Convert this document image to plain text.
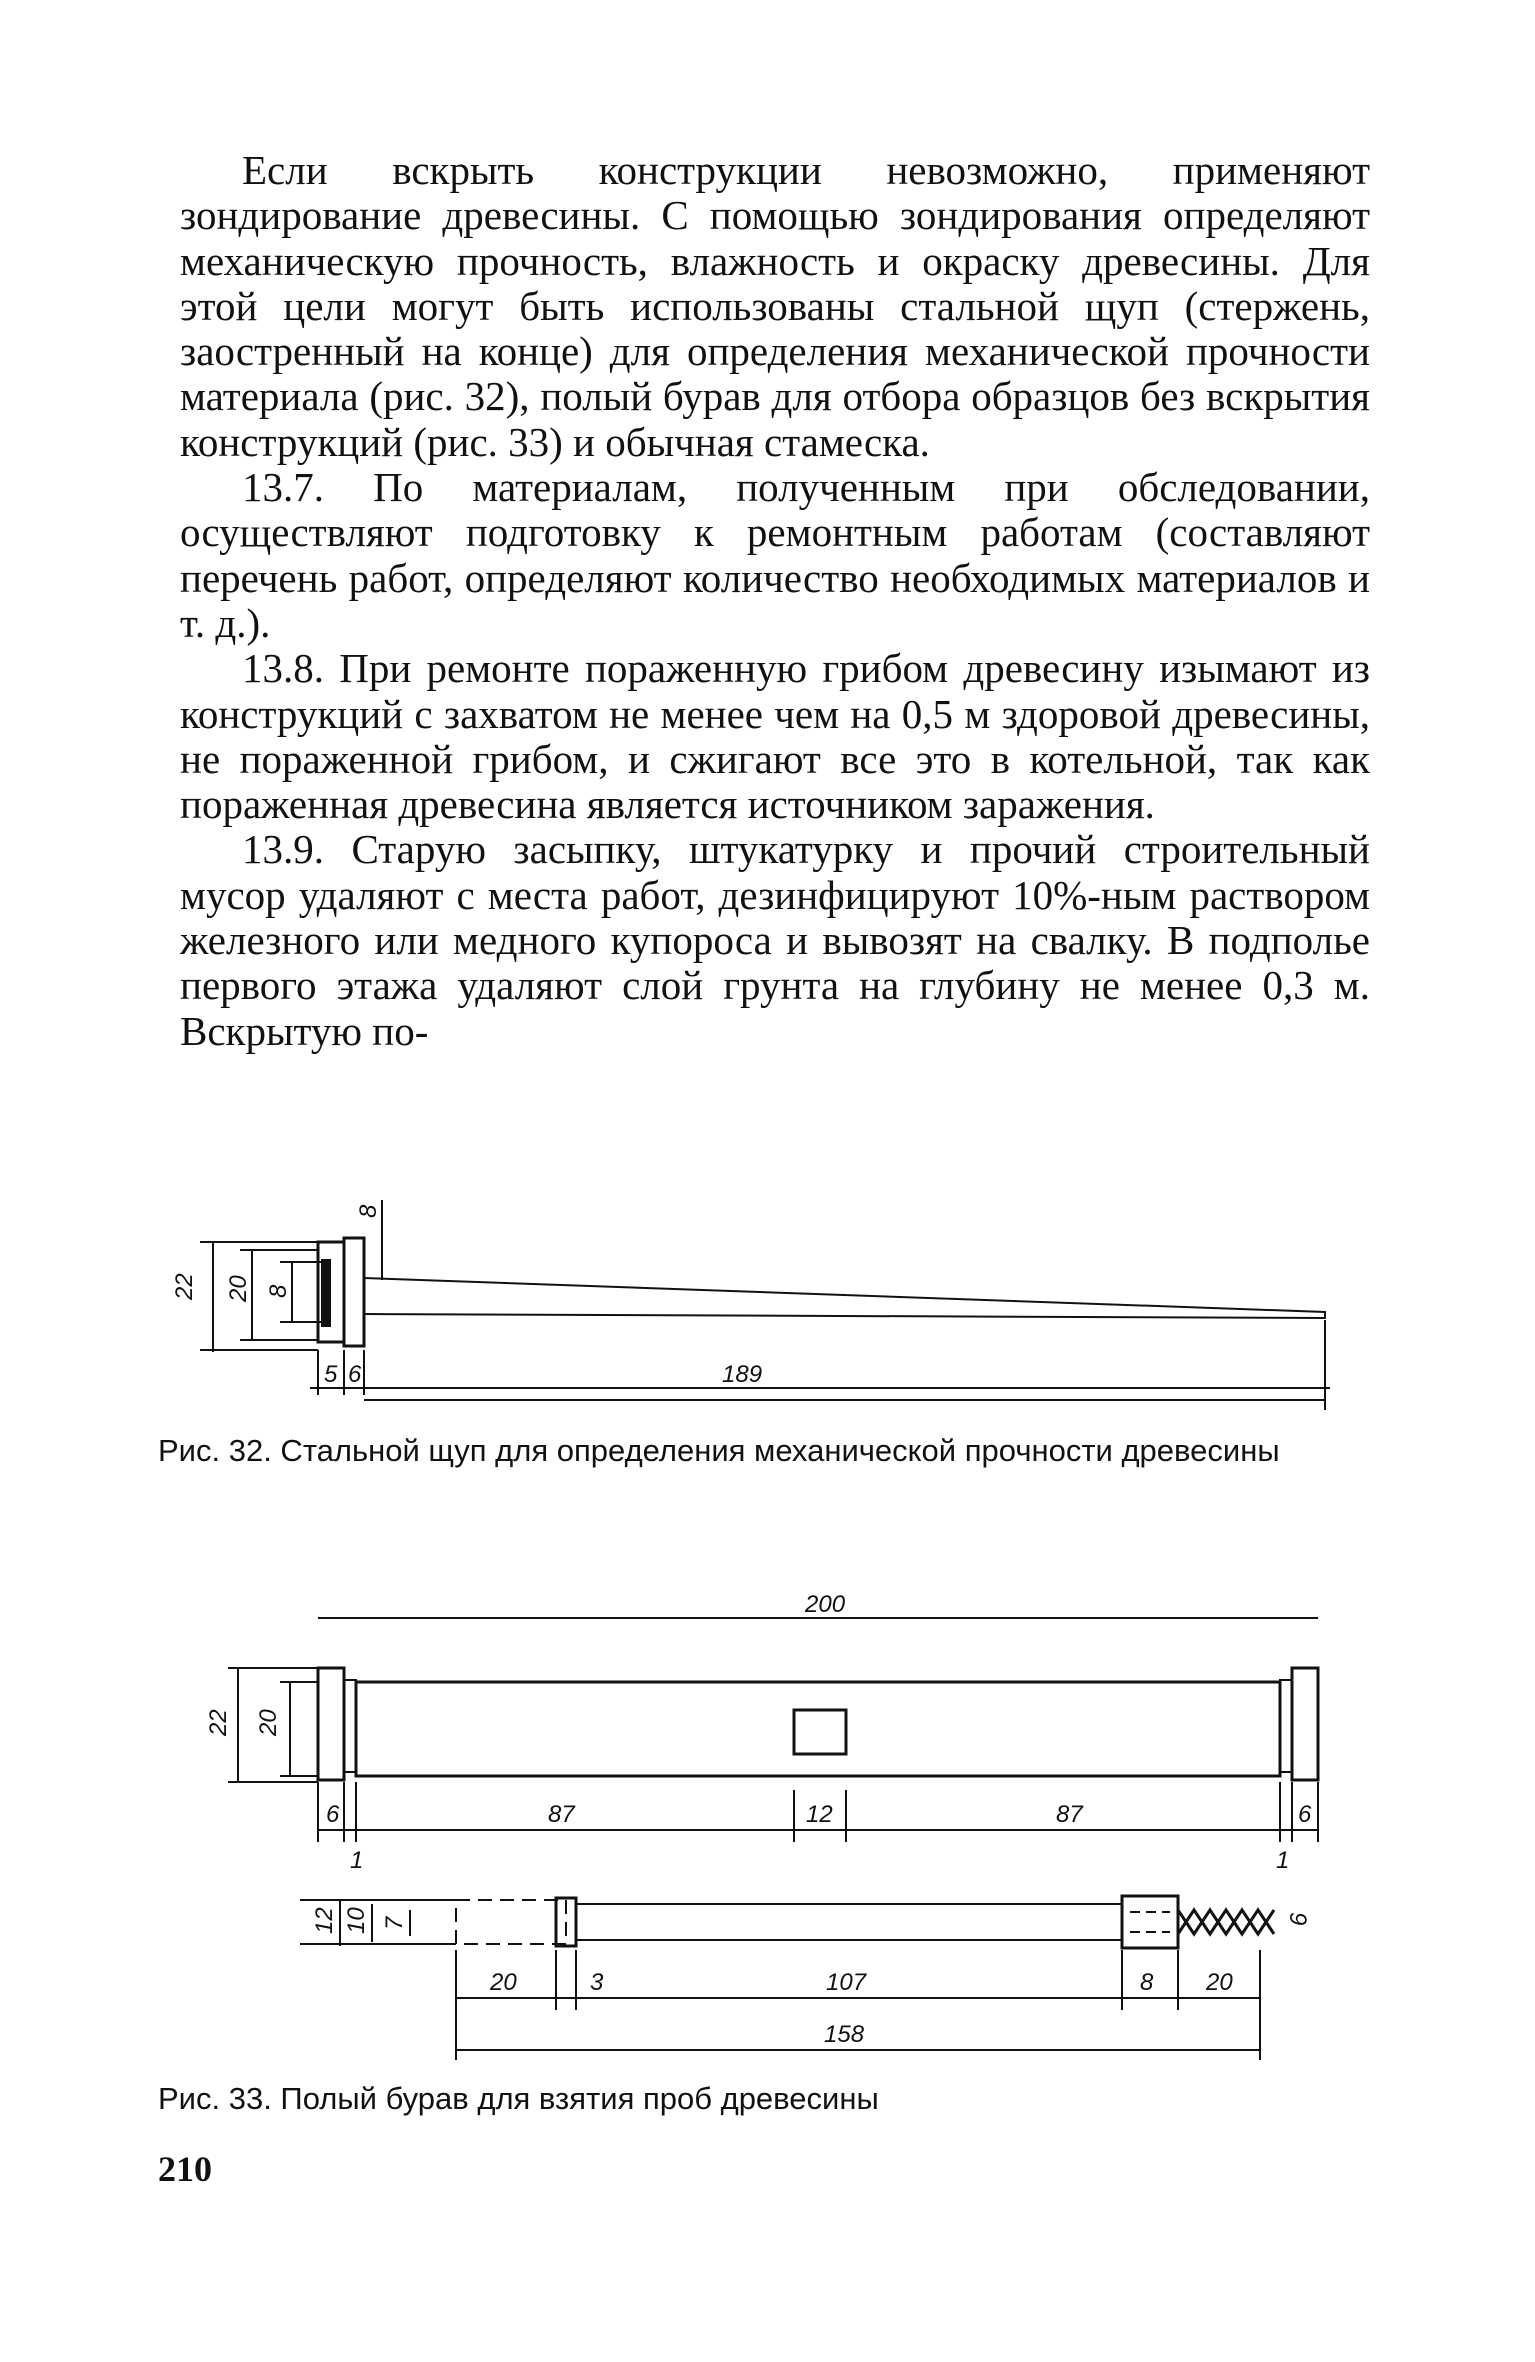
Если вскрыть конструкции невозможно, применяют зондирование древесины. С помощью зондирования определяют механическую прочность, влажность и окраску древесины. Для этой цели могут быть использованы стальной щуп (стержень, заостренный на конце) для определения механической прочности материала (рис. 32), полый бурав для отбора образцов без вскрытия конструкций (рис. 33) и обычная стамеска.

13.7. По материалам, полученным при обследовании, осуществляют подготовку к ремонтным работам (составляют перечень работ, определяют количество необходимых материалов и т. д.).

13.8. При ремонте пораженную грибом древесину изымают из конструкций с захватом не менее чем на 0,5 м здоровой древесины, не пораженной грибом, и сжигают все это в котельной, так как пораженная древесина является источником заражения.

13.9. Старую засыпку, штукатурку и прочий строительный мусор удаляют с места работ, дезинфицируют 10%-ным раствором железного или медного купороса и вывозят на свалку. В подполье первого этажа удаляют слой грунта на глубину не менее 0,3 м. Вскрытую по-

22 20 8
8
5 6	189
Рис. 32. Стальной щуп для определения механической прочности древесины
200
22 20
6	87	12	87	6
1	1
12 10 7
20	3	107	8 20
9
158
Рис. 33. Полый бурав для взятия проб древесины
210
